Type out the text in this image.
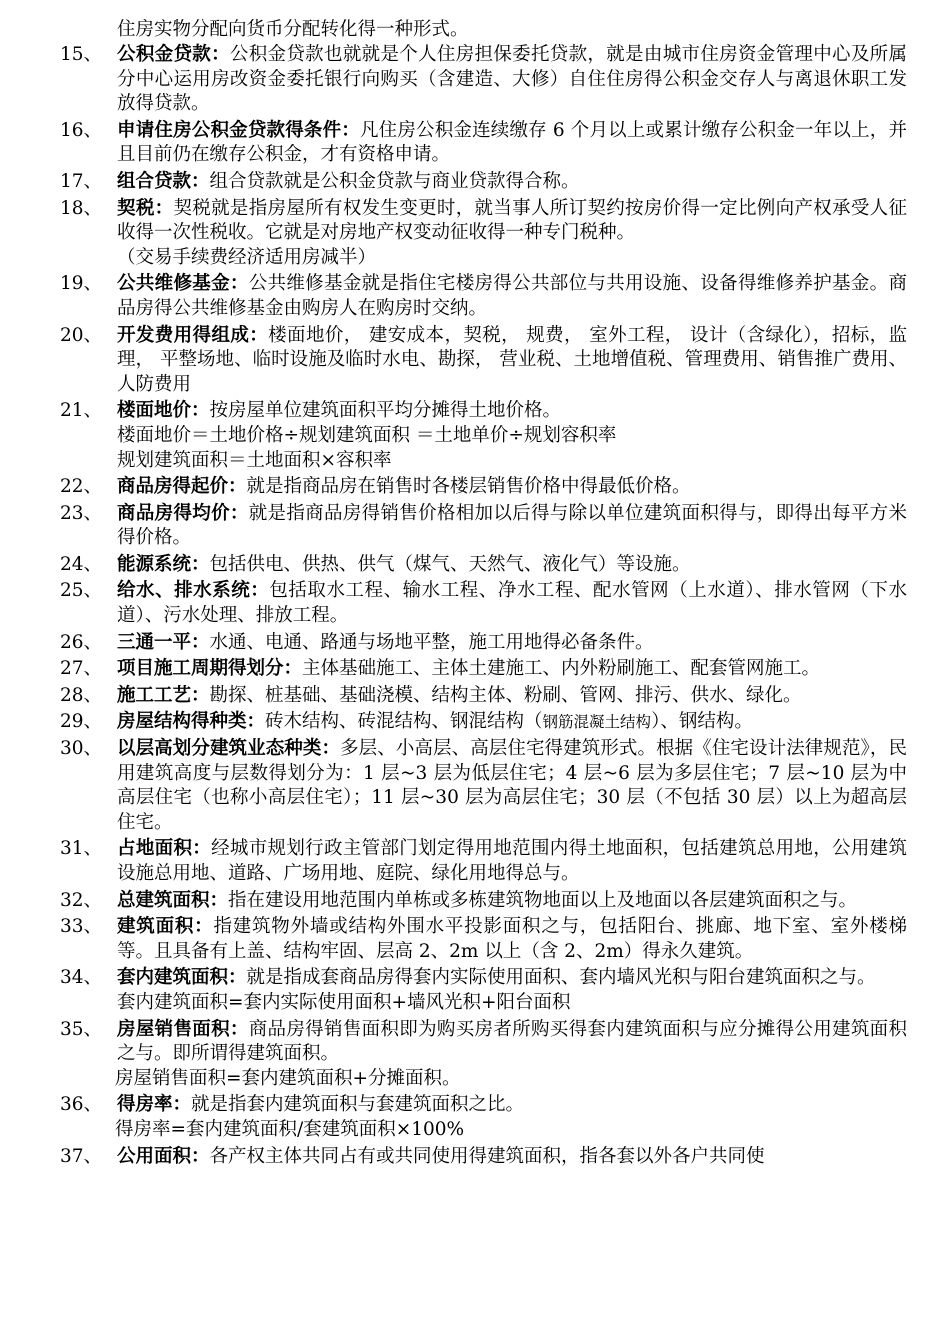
住房实物分配向货币分配转化得一种形式。
15、 公积金贷款：公积金贷款也就就是个人住房担保委托贷款，就是由城市住房资金管理中心及所属分中心运用房改资金委托银行向购买（含建造、大修）自住住房得公积金交存人与离退休职工发放得贷款。
16、 申请住房公积金贷款得条件：凡住房公积金连续缴存 6 个月以上或累计缴存公积金一年以上，并且目前仍在缴存公积金，才有资格申请。
17、 组合贷款：组合贷款就是公积金贷款与商业贷款得合称。
18、 契税：契税就是指房屋所有权发生变更时，就当事人所订契约按房价得一定比例向产权承受人征收得一次性税收。它就是对房地产权变动征收得一种专门税种。
（交易手续费经济适用房减半）
19、 公共维修基金：公共维修基金就是指住宅楼房得公共部位与共用设施、设备得维修养护基金。商品房得公共维修基金由购房人在购房时交纳。
20、 开发费用得组成：楼面地价， 建安成本，契税， 规费， 室外工程， 设计（含绿化），招标，监理， 平整场地、临时设施及临时水电、勘探， 营业税、土地增值税、管理费用、销售推广费用、人防费用
21、 楼面地价：按房屋单位建筑面积平均分摊得土地价格。
楼面地价＝土地价格÷规划建筑面积 ＝土地单价÷规划容积率
规划建筑面积＝土地面积×容积率
22、 商品房得起价：就是指商品房在销售时各楼层销售价格中得最低价格。
23、 商品房得均价：就是指商品房得销售价格相加以后得与除以单位建筑面积得与，即得出每平方米得价格。
24、 能源系统：包括供电、供热、供气（煤气、天然气、液化气）等设施。
25、 给水、排水系统：包括取水工程、输水工程、净水工程、配水管网（上水道）、排水管网（下水道）、污水处理、排放工程。
26、 三通一平：水通、电通、路通与场地平整，施工用地得必备条件。
27、 项目施工周期得划分：主体基础施工、主体土建施工、内外粉刷施工、配套管网施工。
28、 施工工艺：勘探、桩基础、基础浇模、结构主体、粉刷、管网、排污、供水、绿化。
29、 房屋结构得种类：砖木结构、砖混结构、钢混结构（钢筋混凝土结构）、钢结构。
30、 以层高划分建筑业态种类：多层、小高层、高层住宅得建筑形式。根据《住宅设计法律规范》，民用建筑高度与层数得划分为：1 层~3 层为低层住宅；4 层~6 层为多层住宅；7 层~10 层为中高层住宅（也称小高层住宅）；11 层~30 层为高层住宅；30 层（不包括 30 层）以上为超高层住宅。
31、 占地面积：经城市规划行政主管部门划定得用地范围内得土地面积，包括建筑总用地，公用建筑设施总用地、道路、广场用地、庭院、绿化用地得总与。
32、 总建筑面积：指在建设用地范围内单栋或多栋建筑物地面以上及地面以各层建筑面积之与。
33、 建筑面积：指建筑物外墙或结构外围水平投影面积之与，包括阳台、挑廊、地下室、室外楼梯等。且具备有上盖、结构牢固、层高 2、2m 以上（含 2、2m）得永久建筑。
34、 套内建筑面积：就是指成套商品房得套内实际使用面积、套内墙风光积与阳台建筑面积之与。
套内建筑面积=套内实际使用面积+墙风光积+阳台面积
35、 房屋销售面积：商品房得销售面积即为购买房者所购买得套内建筑面积与应分摊得公用建筑面积之与。即所谓得建筑面积。
房屋销售面积=套内建筑面积+分摊面积。
36、 得房率：就是指套内建筑面积与套建筑面积之比。
得房率=套内建筑面积/套建筑面积×100%
37、 公用面积：各产权主体共同占有或共同使用得建筑面积，指各套以外各户共同使
